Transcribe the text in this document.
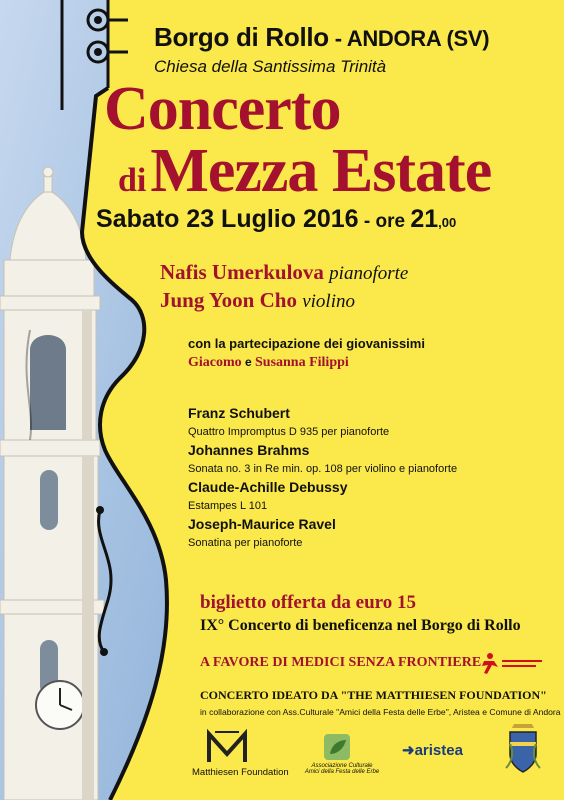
Borgo di Rollo - ANDORA (SV)
Chiesa della Santissima Trinità
Concerto
di Mezza Estate
Sabato 23 Luglio 2016 - ore 21,00
Nafis Umerkulova pianoforte
Jung Yoon Cho violino
con la partecipazione dei giovanissimi
Giacomo e Susanna Filippi
Franz Schubert
Quattro Impromptus D 935 per pianoforte
Johannes Brahms
Sonata no. 3 in Re min. op. 108 per violino e pianoforte
Claude-Achille Debussy
Estampes L 101
Joseph-Maurice Ravel
Sonatina per pianoforte
biglietto offerta da euro 15
IX° Concerto di beneficenza nel Borgo di Rollo
A FAVORE DI MEDICI SENZA FRONTIERE
CONCERTO IDEATO DA "THE MATTHIESEN FOUNDATION"
in collaborazione con Ass.Culturale "Amici della Festa delle Erbe", Aristea e Comune di Andora
Matthiesen Foundation
Associazione Culturale
Amici della Festa delle Erbe
➜aristea
